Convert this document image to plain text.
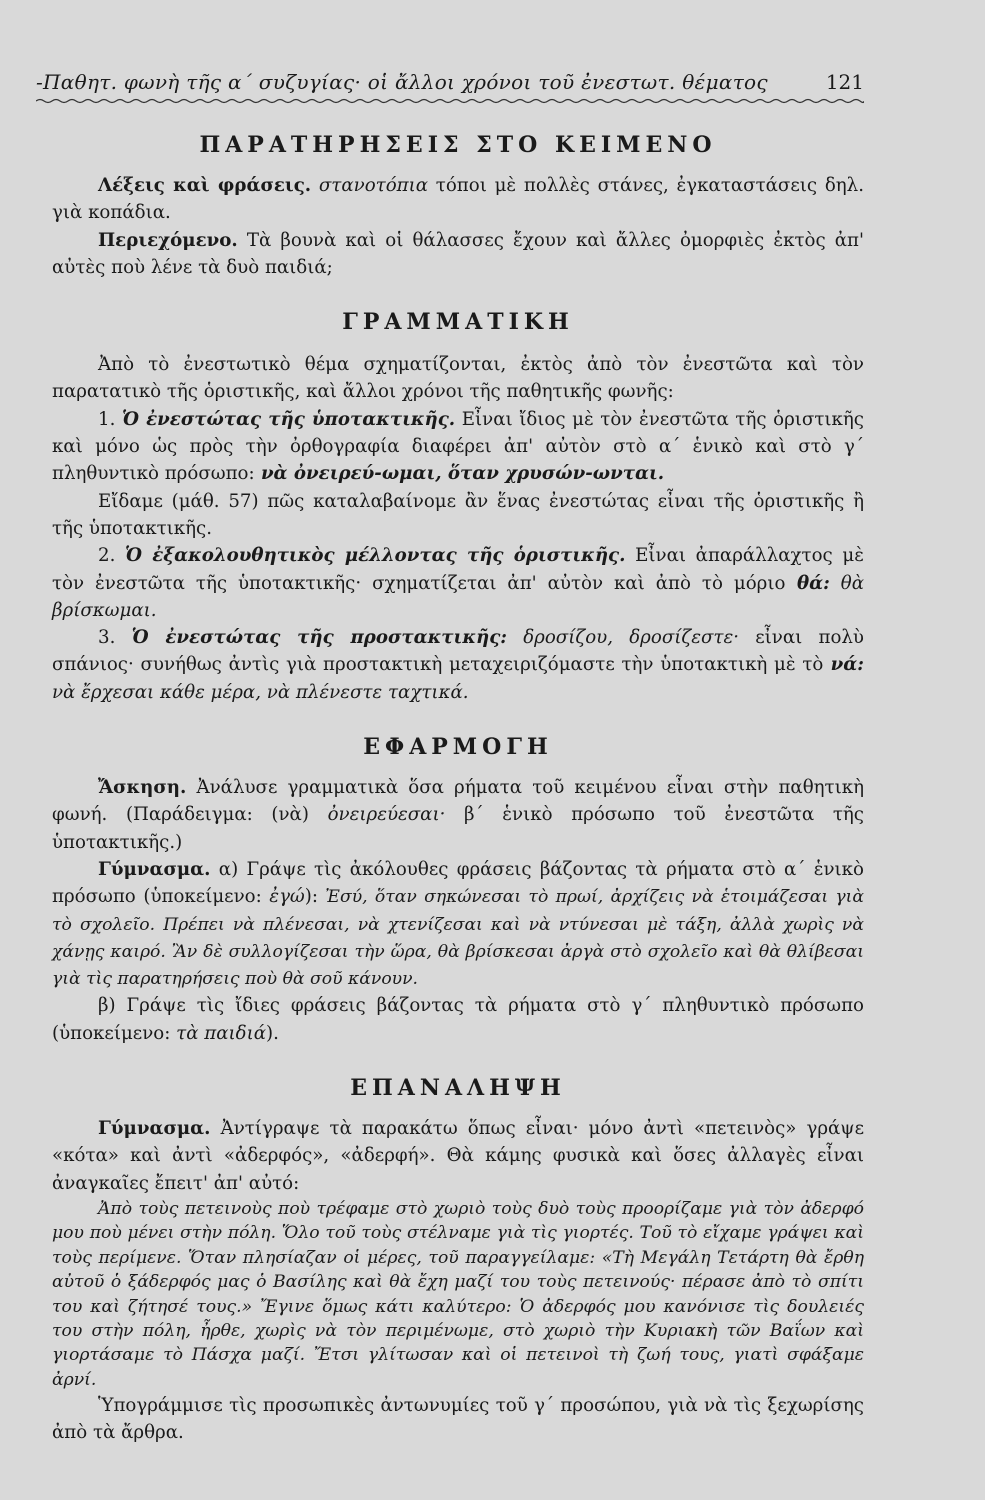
-Παθητ. φωνὴ τῆς α΄ συζυγίας· οἱ ἄλλοι χρόνοι τοῦ ἐνεστωτ. θέματος	121
ΠΑΡΑΤΗΡΗΣΕΙΣ ΣΤΟ ΚΕΙΜΕΝΟ

Λέξεις καὶ φράσεις. στανοτόπια τόποι μὲ πολλὲς στάνες, ἐγκαταστάσεις δηλ. γιὰ κοπάδια.

Περιεχόμενο. Τὰ βουνὰ καὶ οἱ θάλασσες ἔχουν καὶ ἄλλες ὀμορφιὲς ἐκτὸς ἀπ' αὐτὲς ποὺ λένε τὰ δυὸ παιδιά;

ΓΡΑΜΜΑΤΙΚΗ

Ἀπὸ τὸ ἐνεστωτικὸ θέμα σχηματίζονται, ἐκτὸς ἀπὸ τὸν ἐνεστῶτα καὶ τὸν παρατατικὸ τῆς ὁριστικῆς, καὶ ἄλλοι χρόνοι τῆς παθητικῆς φωνῆς:

1. Ὁ ἐνεστώτας τῆς ὑποτακτικῆς. Εἶναι ἴδιος μὲ τὸν ἐνεστῶτα τῆς ὁριστικῆς καὶ μόνο ὡς πρὸς τὴν ὀρθογραφία διαφέρει ἀπ' αὐτὸν στὸ α΄ ἑνικὸ καὶ στὸ γ΄ πληθυντικὸ πρόσωπο: νὰ ὀνειρεύ-ωμαι, ὅταν χρυσών-ωνται.

Εἴδαμε (μάθ. 57) πῶς καταλαβαίνομε ἂν ἕνας ἐνεστώτας εἶναι τῆς ὁριστικῆς ἢ τῆς ὑποτακτικῆς.

2. Ὁ ἐξακολουθητικὸς μέλλοντας τῆς ὁριστικῆς. Εἶναι ἀπαράλλαχτος μὲ τὸν ἐνεστῶτα τῆς ὑποτακτικῆς· σχηματίζεται ἀπ' αὐτὸν καὶ ἀπὸ τὸ μόριο θά: θὰ βρίσκωμαι.

3. Ὁ ἐνεστώτας τῆς προστακτικῆς: δροσίζου, δροσίζεστε· εἶναι πολὺ σπάνιος· συνήθως ἀντὶς γιὰ προστακτικὴ μεταχειριζόμαστε τὴν ὑποτακτικὴ μὲ τὸ νά: νὰ ἔρχεσαι κάθε μέρα, νὰ πλένεστε ταχτικά.

ΕΦΑΡΜΟΓΗ

Ἄσκηση. Ἀνάλυσε γραμματικὰ ὅσα ρήματα τοῦ κειμένου εἶναι στὴν παθητικὴ φωνή. (Παράδειγμα: (νὰ) ὀνειρεύεσαι· β΄ ἑνικὸ πρόσωπο τοῦ ἐνεστῶτα τῆς ὑποτακτικῆς.)

Γύμνασμα. α) Γράψε τὶς ἀκόλουθες φράσεις βάζοντας τὰ ρήματα στὸ α΄ ἑνικὸ πρόσωπο (ὑποκείμενο: ἐγώ): Ἐσύ, ὅταν σηκώνεσαι τὸ πρωί, ἀρχίζεις νὰ ἑτοιμάζεσαι γιὰ τὸ σχολεῖο. Πρέπει νὰ πλένεσαι, νὰ χτενίζεσαι καὶ νὰ ντύνεσαι μὲ τάξη, ἀλλὰ χωρὶς νὰ χάνῃς καιρό. Ἂν δὲ συλλογίζεσαι τὴν ὥρα, θὰ βρίσκεσαι ἀργὰ στὸ σχολεῖο καὶ θὰ θλίβεσαι γιὰ τὶς παρατηρήσεις ποὺ θὰ σοῦ κάνουν.

β) Γράψε τὶς ἴδιες φράσεις βάζοντας τὰ ρήματα στὸ γ΄ πληθυντικὸ πρόσωπο (ὑποκείμενο: τὰ παιδιά).

ΕΠΑΝΑΛΗΨΗ

Γύμνασμα. Ἀντίγραψε τὰ παρακάτω ὅπως εἶναι· μόνο ἀντὶ «πετεινὸς» γράψε «κότα» καὶ ἀντὶ «ἀδερφός», «ἀδερφή». Θὰ κάμης φυσικὰ καὶ ὅσες ἀλλαγὲς εἶναι ἀναγκαῖες ἔπειτ' ἀπ' αὐτό:

Ἀπὸ τοὺς πετεινοὺς ποὺ τρέφαμε στὸ χωριὸ τοὺς δυὸ τοὺς προορίζαμε γιὰ τὸν ἀδερφό μου ποὺ μένει στὴν πόλη. Ὅλο τοῦ τοὺς στέλναμε γιὰ τὶς γιορτές. Τοῦ τὸ εἴχαμε γράψει καὶ τοὺς περίμενε. Ὅταν πλησίαζαν οἱ μέρες, τοῦ παραγγείλαμε: «Τὴ Μεγάλη Τετάρτη θὰ ἔρθη αὐτοῦ ὁ ξάδερφός μας ὁ Βασίλης καὶ θὰ ἔχη μαζί του τοὺς πετεινούς· πέρασε ἀπὸ τὸ σπίτι του καὶ ζήτησέ τους.» Ἔγινε ὅμως κάτι καλύτερο: Ὁ ἀδερφός μου κανόνισε τὶς δουλειές του στὴν πόλη, ἦρθε, χωρὶς νὰ τὸν περιμένωμε, στὸ χωριὸ τὴν Κυριακὴ τῶν Βαΐων καὶ γιορτάσαμε τὸ Πάσχα μαζί. Ἔτσι γλίτωσαν καὶ οἱ πετεινοὶ τὴ ζωή τους, γιατὶ σφάξαμε ἀρνί.

Ὑπογράμμισε τὶς προσωπικὲς ἀντωνυμίες τοῦ γ΄ προσώπου, γιὰ νὰ τὶς ξεχωρίσης ἀπὸ τὰ ἄρθρα.
